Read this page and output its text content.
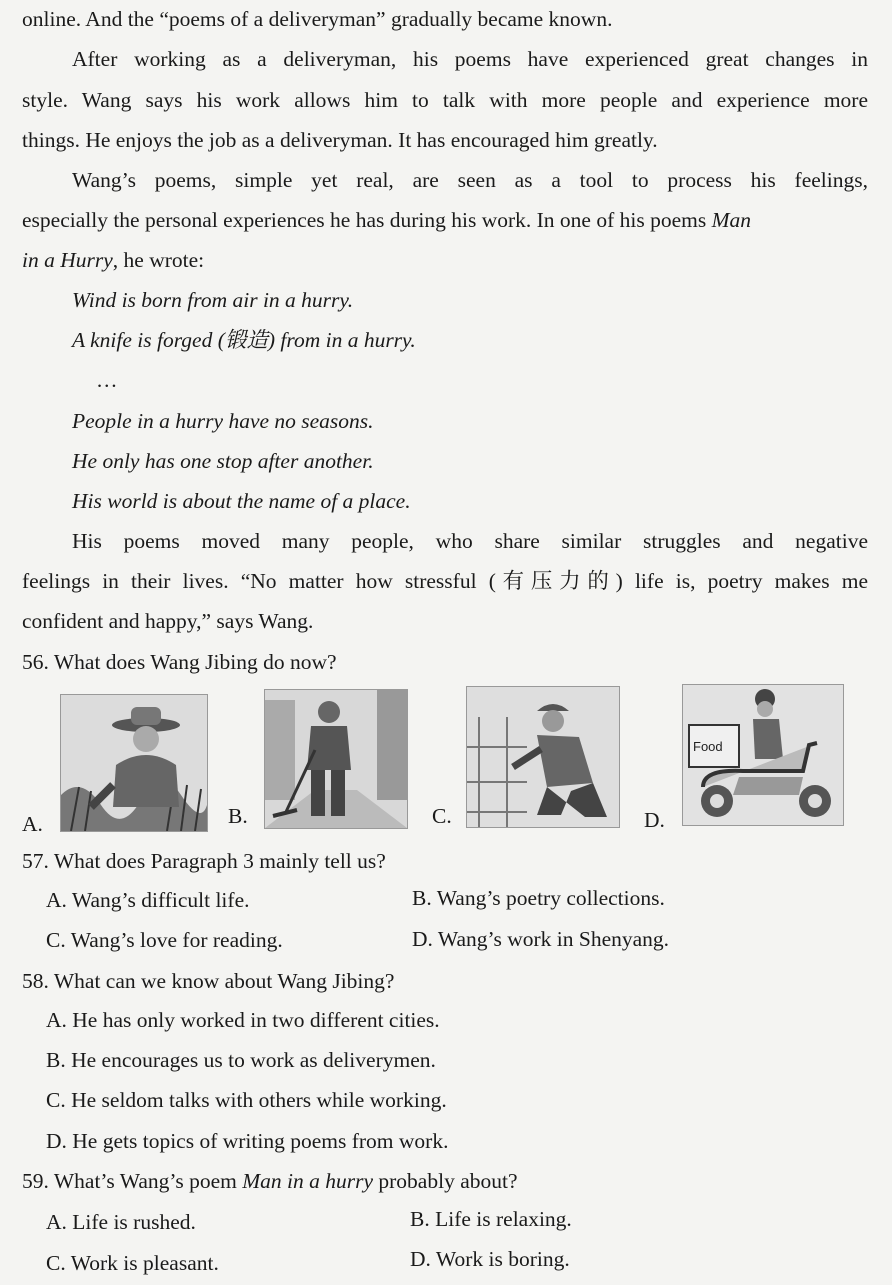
online. And the “poems of a deliveryman” gradually became known.
After working as a deliveryman, his poems have experienced great changes in
style. Wang says his work allows him to talk with more people and experience more
things. He enjoys the job as a deliveryman. It has encouraged him greatly.
Wang’s poems, simple yet real, are seen as a tool to process his feelings,
especially the personal experiences he has during his work. In one of his poems Man
in a Hurry, he wrote:
Wind is born from air in a hurry.
A knife is forged (锻造) from in a hurry.
…
People in a hurry have no seasons.
He only has one stop after another.
His world is about the name of a place.
His poems moved many people, who share similar struggles and negative
feelings in their lives. “No matter how stressful (有压力的) life is, poetry makes me
confident and happy,” says Wang.
56. What does Wang Jibing do now?
A.	B.	C.	D.
Food
57. What does Paragraph 3 mainly tell us?
A. Wang’s difficult life.	B. Wang’s poetry collections.
C. Wang’s love for reading.	D. Wang’s work in Shenyang.
58. What can we know about Wang Jibing?
A. He has only worked in two different cities.
B. He encourages us to work as deliverymen.
C. He seldom talks with others while working.
D. He gets topics of writing poems from work.
59. What’s Wang’s poem Man in a hurry probably about?
A. Life is rushed.	B. Life is relaxing.
C. Work is pleasant.	D. Work is boring.
